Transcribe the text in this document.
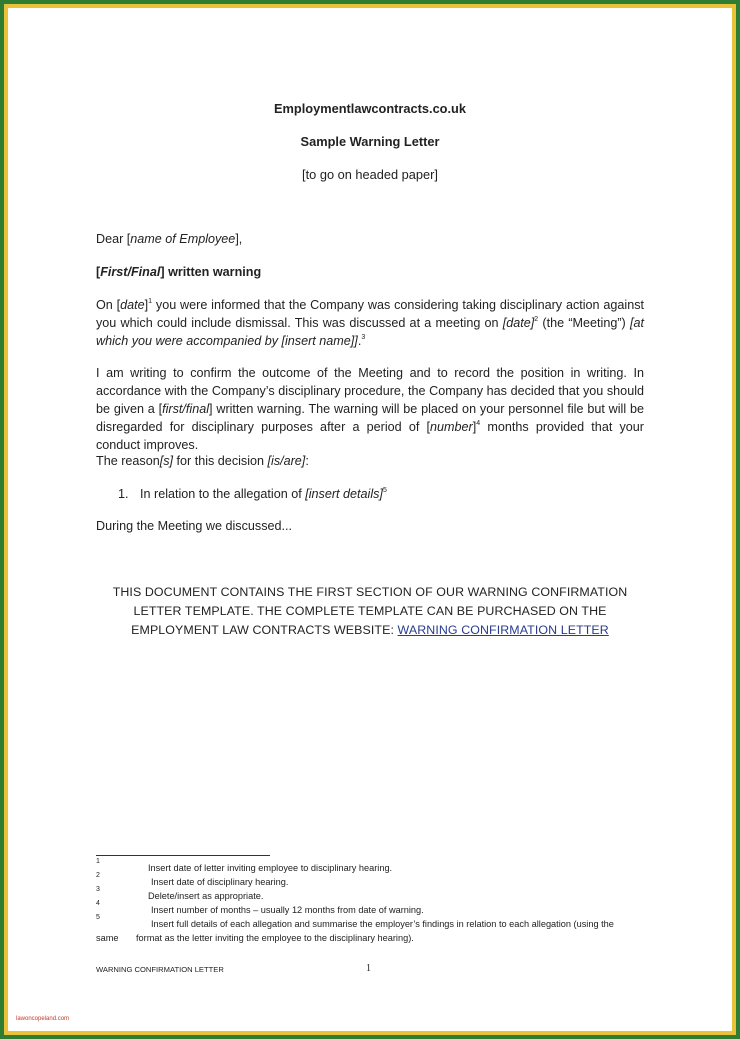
Employmentlawcontracts.co.uk
Sample Warning Letter
[to go on headed paper]
Dear [name of Employee],
[First/Final] written warning
On [date]$^1$ you were informed that the Company was considering taking disciplinary action against you which could include dismissal. This was discussed at a meeting on [date]$^2$ (the “Meeting”) [at which you were accompanied by [insert name]].$^3$
I am writing to confirm the outcome of the Meeting and to record the position in writing. In accordance with the Company’s disciplinary procedure, the Company has decided that you should be given a [first/final] written warning. The warning will be placed on your personnel file but will be disregarded for disciplinary purposes after a period of [number]$^4$ months provided that your conduct improves.
The reason[s] for this decision [is/are]:
1. In relation to the allegation of [insert details]$^5$
During the Meeting we discussed...
THIS DOCUMENT CONTAINS THE FIRST SECTION OF OUR WARNING CONFIRMATION
LETTER TEMPLATE. THE COMPLETE TEMPLATE CAN BE PURCHASED ON THE
EMPLOYMENT LAW CONTRACTS WEBSITE: WARNING CONFIRMATION LETTER
1
Insert date of letter inviting employee to disciplinary hearing.
2
Insert date of disciplinary hearing.
3
Delete/insert as appropriate.
4
Insert number of months – usually 12 months from date of warning.
5
Insert full details of each allegation and summarise the employer’s findings in relation to each allegation (using the
same format as the letter inviting the employee to the disciplinary hearing).
WARNING CONFIRMATION LETTER	1
lawoncopeland.com
